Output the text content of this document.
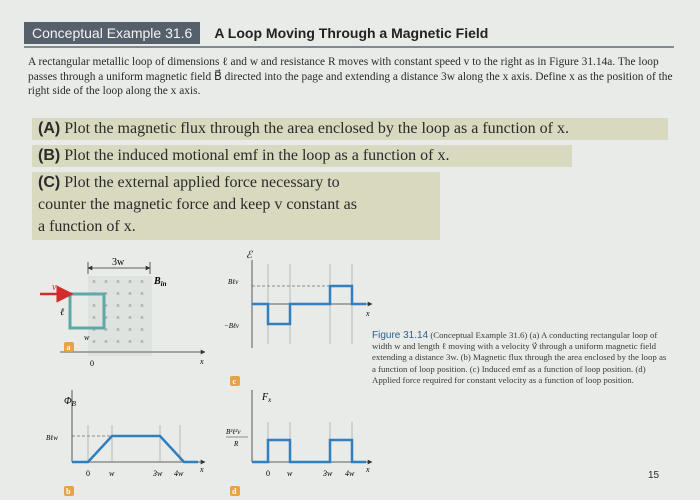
Conceptual Example 31.6	A Loop Moving Through a Magnetic Field
A rectangular metallic loop of dimensions ℓ and w and resistance R moves with constant speed v to the right as in Figure 31.14a. The loop passes through a uniform magnetic field B⃗ directed into the page and extending a distance 3w along the x axis. Define x as the position of the right side of the loop along the x axis.
(A) Plot the magnetic flux through the area enclosed by the loop as a function of x.
(B) Plot the induced motional emf in the loop as a function of x.
(C) Plot the external applied force necessary to
counter the magnetic force and keep v constant as
a function of x.
3w
× × × × ×
× × × × ×
× × × × ×
× × × × ×
× × × × ×
× × × × ×
$B_{in}$
v
ℓ
w
0	x
$\Phi_B$
Bℓw
0 w	3w 4w x
ℰ
Bℓv
−Bℓv
x
$F_x$
B²ℓ²v
R
0 w	3w 4w x
a
b
c
d
Figure 31.14 (Conceptual Example 31.6) (a) A conducting rectangular loop of width w and length ℓ moving with a velocity v⃗ through a uniform magnetic field extending a distance 3w. (b) Magnetic flux through the area enclosed by the loop as a function of loop position. (c) Induced emf as a function of loop position. (d) Applied force required for constant velocity as a function of loop position.
15
